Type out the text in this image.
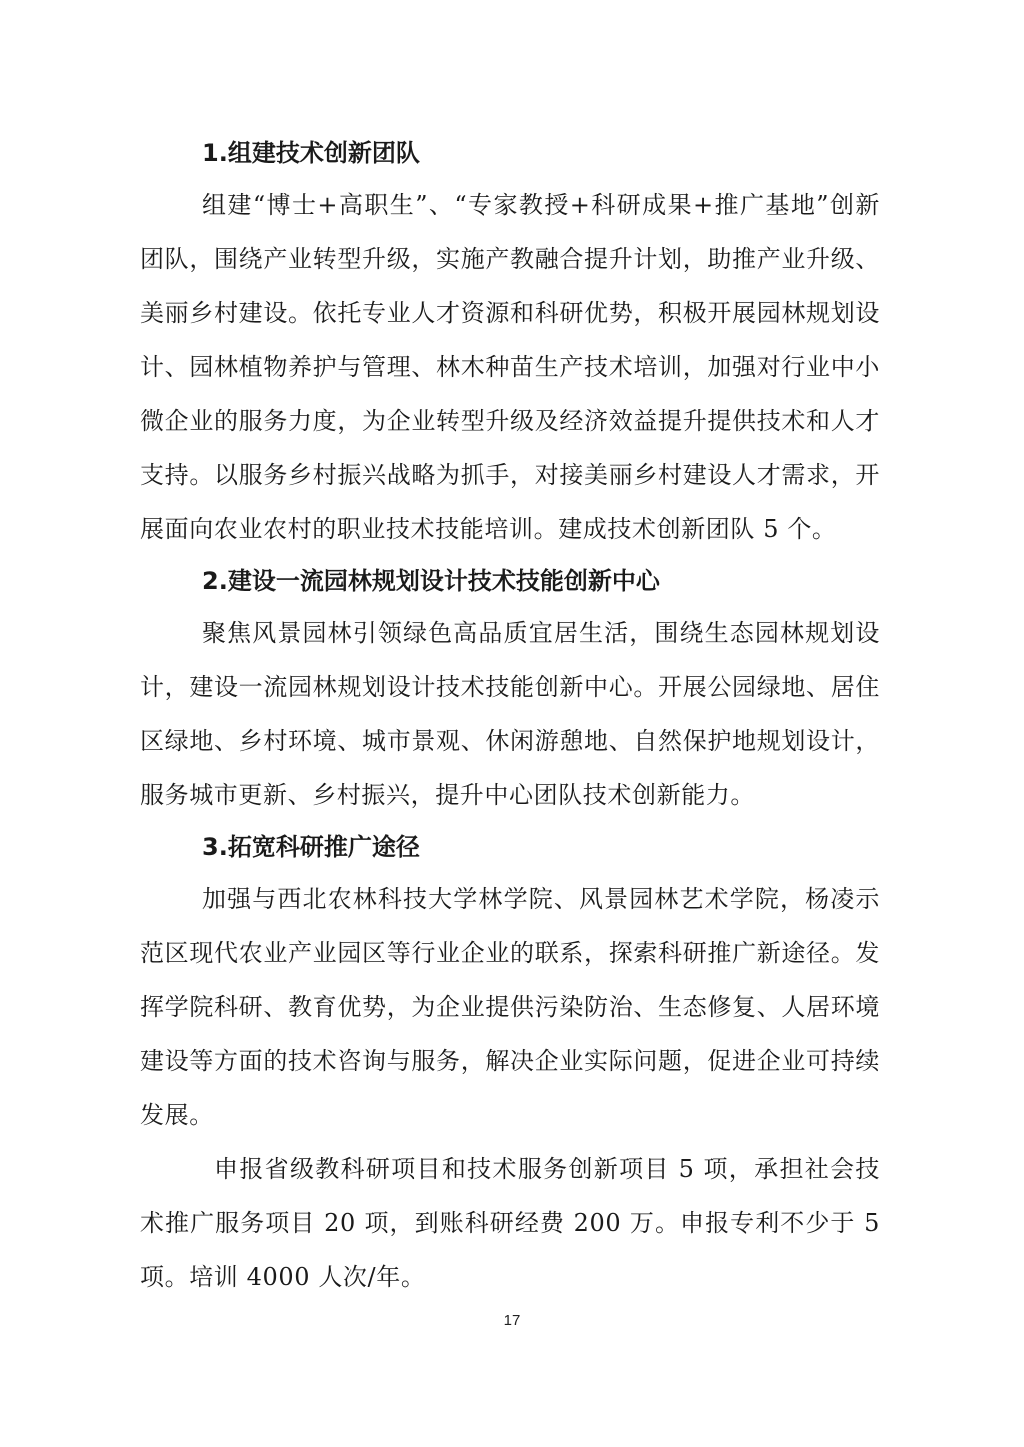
1.组建技术创新团队

组建“博士+高职生”、“专家教授+科研成果+推广基地”创新团队，围绕产业转型升级，实施产教融合提升计划，助推产业升级、美丽乡村建设。依托专业人才资源和科研优势，积极开展园林规划设计、园林植物养护与管理、林木种苗生产技术培训，加强对行业中小微企业的服务力度，为企业转型升级及经济效益提升提供技术和人才支持。以服务乡村振兴战略为抓手，对接美丽乡村建设人才需求，开展面向农业农村的职业技术技能培训。建成技术创新团队 5 个。

2.建设一流园林规划设计技术技能创新中心

聚焦风景园林引领绿色高品质宜居生活，围绕生态园林规划设计，建设一流园林规划设计技术技能创新中心。开展公园绿地、居住区绿地、乡村环境、城市景观、休闲游憩地、自然保护地规划设计，服务城市更新、乡村振兴，提升中心团队技术创新能力。

3.拓宽科研推广途径

加强与西北农林科技大学林学院、风景园林艺术学院，杨凌示范区现代农业产业园区等行业企业的联系，探索科研推广新途径。发挥学院科研、教育优势，为企业提供污染防治、生态修复、人居环境建设等方面的技术咨询与服务，解决企业实际问题，促进企业可持续发展。

申报省级教科研项目和技术服务创新项目 5 项，承担社会技术推广服务项目 20 项，到账科研经费 200 万。申报专利不少于 5 项。培训 4000 人次/年。

17
